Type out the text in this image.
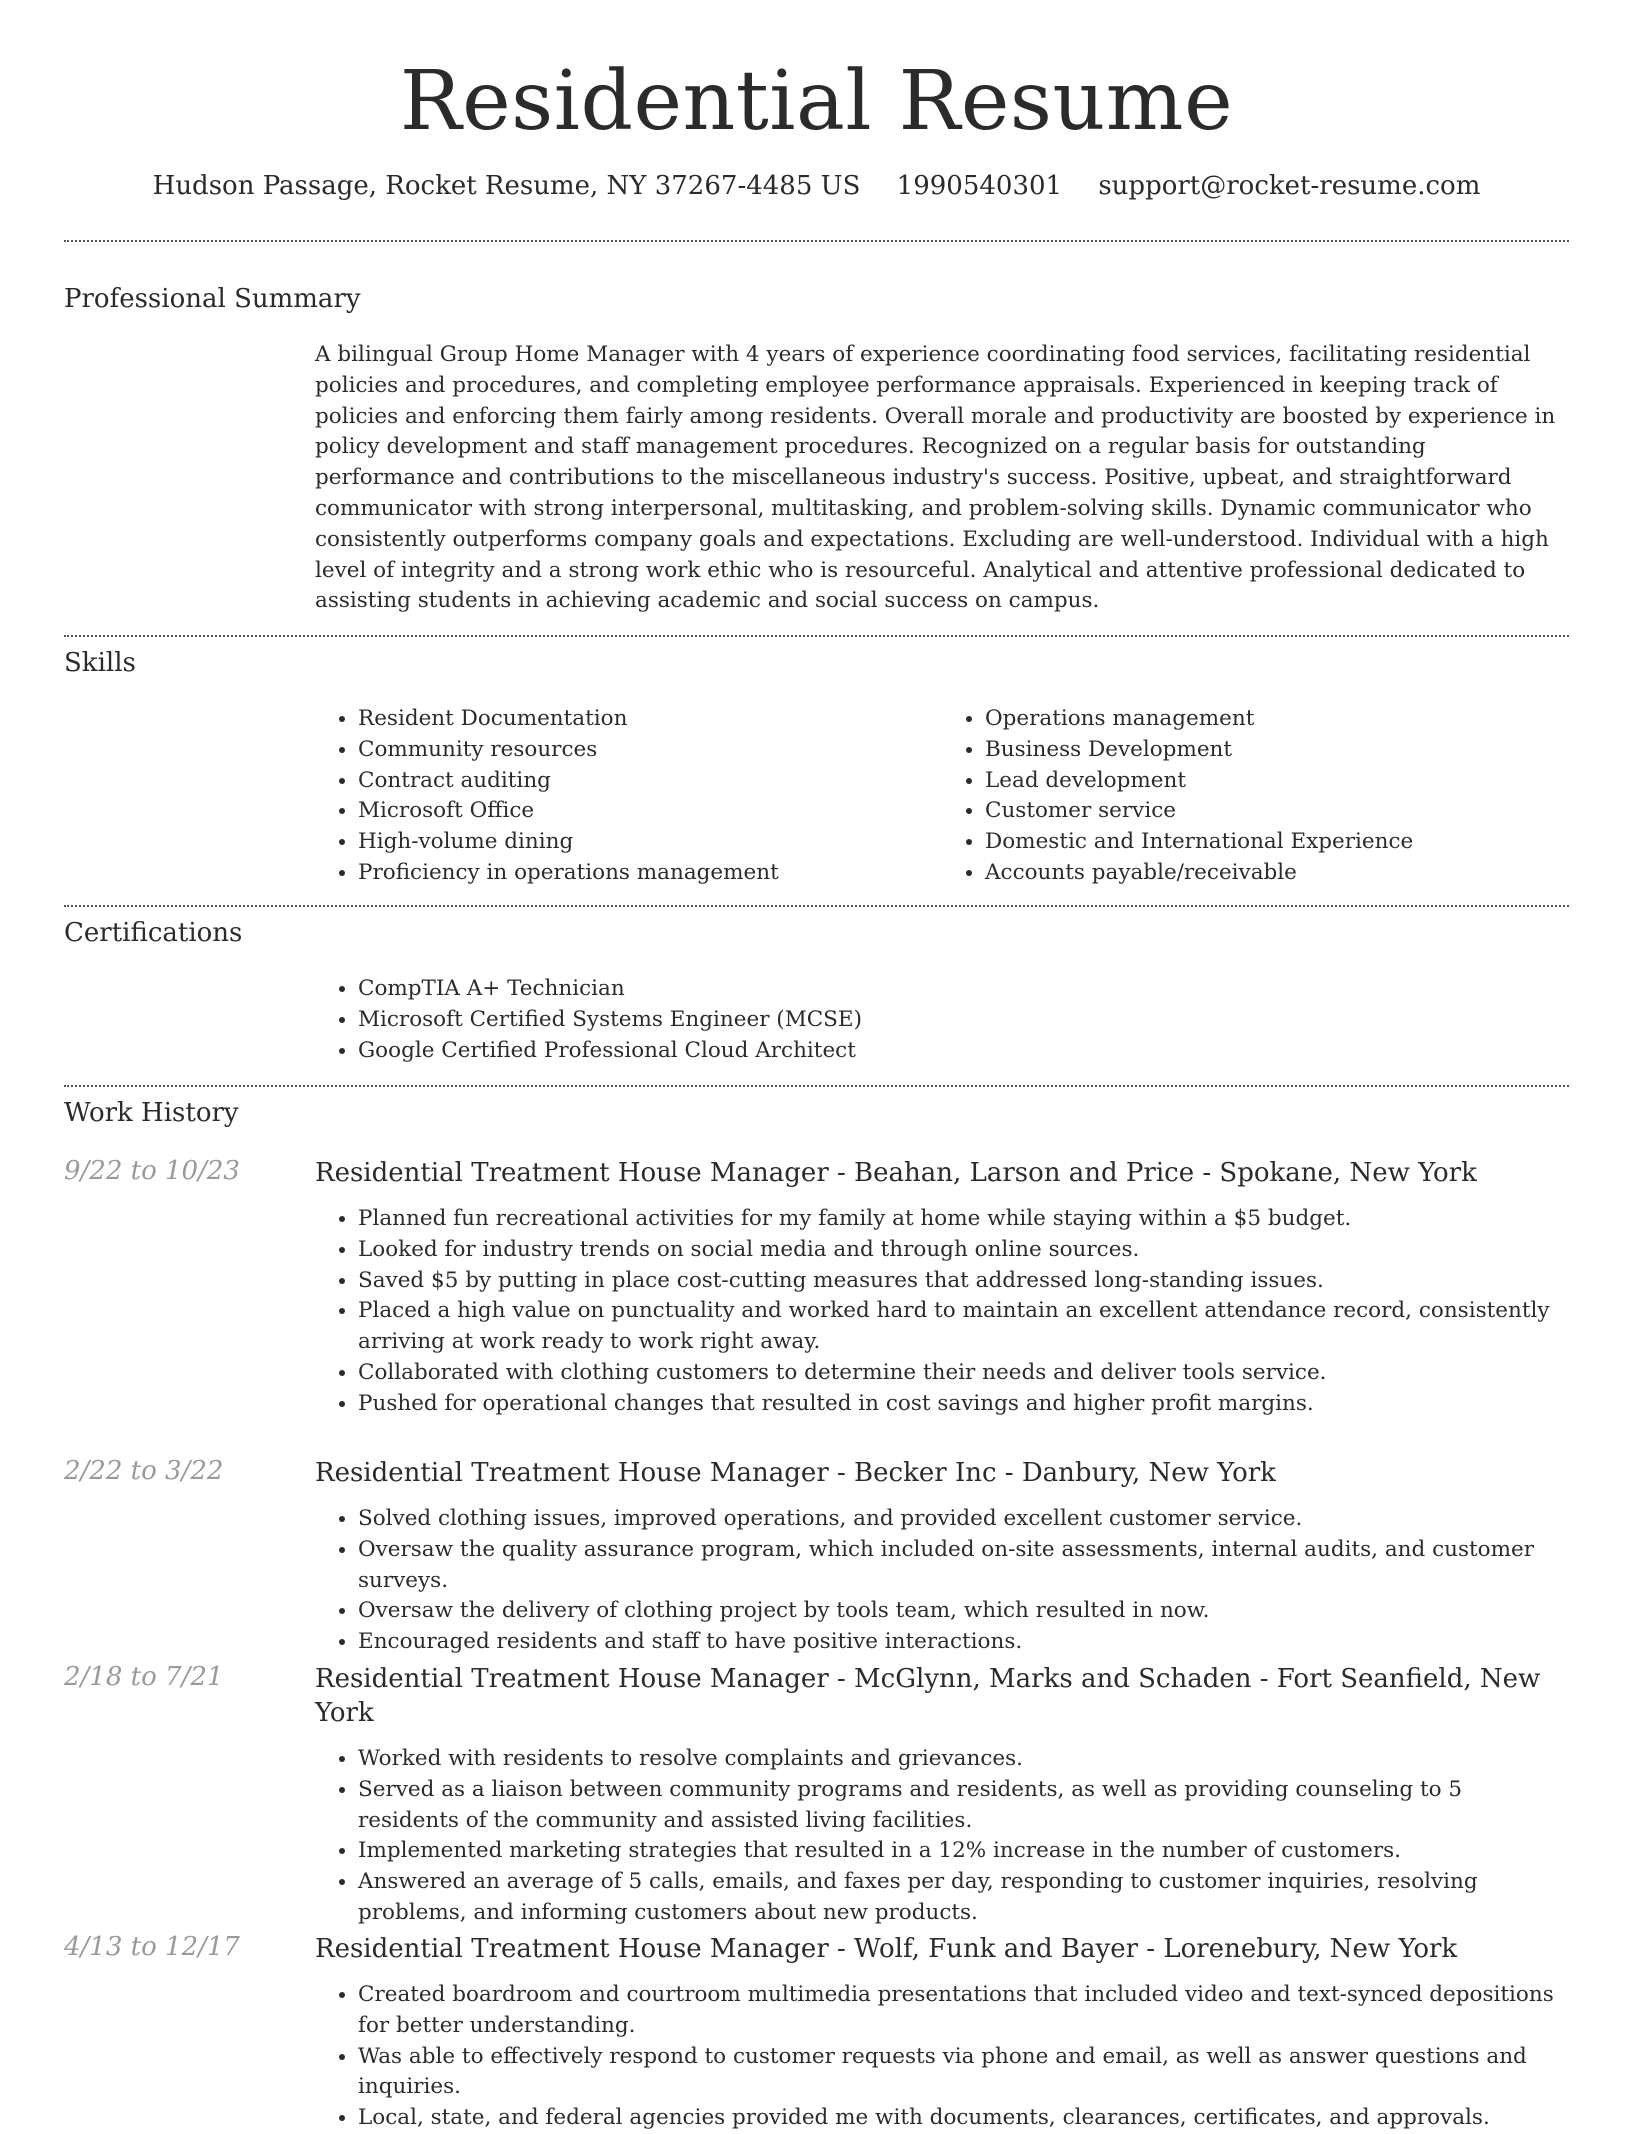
Residential Resume
Hudson Passage, Rocket Resume, NY 37267-4485 US 1990540301 support@rocket-resume.com
Professional Summary

A bilingual Group Home Manager with 4 years of experience coordinating food services, facilitating residential policies and procedures, and completing employee performance appraisals. Experienced in keeping track of policies and enforcing them fairly among residents. Overall morale and productivity are boosted by experience in policy development and staff management procedures. Recognized on a regular basis for outstanding performance and contributions to the miscellaneous industry's success. Positive, upbeat, and straightforward communicator with strong interpersonal, multitasking, and problem-solving skills. Dynamic communicator who consistently outperforms company goals and expectations. Excluding are well-understood. Individual with a high level of integrity and a strong work ethic who is resourceful. Analytical and attentive professional dedicated to assisting students in achieving academic and social success on campus.

Skills
• Resident Documentation
• Community resources
• Contract auditing
• Microsoft Office
• High-volume dining
• Proficiency in operations management
• Operations management
• Business Development
• Lead development
• Customer service
• Domestic and International Experience
• Accounts payable/receivable
Certifications
• CompTIA A+ Technician
• Microsoft Certified Systems Engineer (MCSE)
• Google Certified Professional Cloud Architect
Work History
9/22 to 10/23	Residential Treatment House Manager - Beahan, Larson and Price - Spokane, New York
• Planned fun recreational activities for my family at home while staying within a $5 budget.
• Looked for industry trends on social media and through online sources.
• Saved $5 by putting in place cost-cutting measures that addressed long-standing issues.
• Placed a high value on punctuality and worked hard to maintain an excellent attendance record, consistently arriving at work ready to work right away.
• Collaborated with clothing customers to determine their needs and deliver tools service.
• Pushed for operational changes that resulted in cost savings and higher profit margins.
2/22 to 3/22	Residential Treatment House Manager - Becker Inc - Danbury, New York
• Solved clothing issues, improved operations, and provided excellent customer service.
• Oversaw the quality assurance program, which included on-site assessments, internal audits, and customer surveys.
• Oversaw the delivery of clothing project by tools team, which resulted in now.
• Encouraged residents and staff to have positive interactions.
2/18 to 7/21	Residential Treatment House Manager - McGlynn, Marks and Schaden - Fort Seanfield, New York
• Worked with residents to resolve complaints and grievances.
• Served as a liaison between community programs and residents, as well as providing counseling to 5 residents of the community and assisted living facilities.
• Implemented marketing strategies that resulted in a 12% increase in the number of customers.
• Answered an average of 5 calls, emails, and faxes per day, responding to customer inquiries, resolving problems, and informing customers about new products.
4/13 to 12/17	Residential Treatment House Manager - Wolf, Funk and Bayer - Lorenebury, New York
• Created boardroom and courtroom multimedia presentations that included video and text-synced depositions for better understanding.
• Was able to effectively respond to customer requests via phone and email, as well as answer questions and inquiries.
• Local, state, and federal agencies provided me with documents, clearances, certificates, and approvals.
